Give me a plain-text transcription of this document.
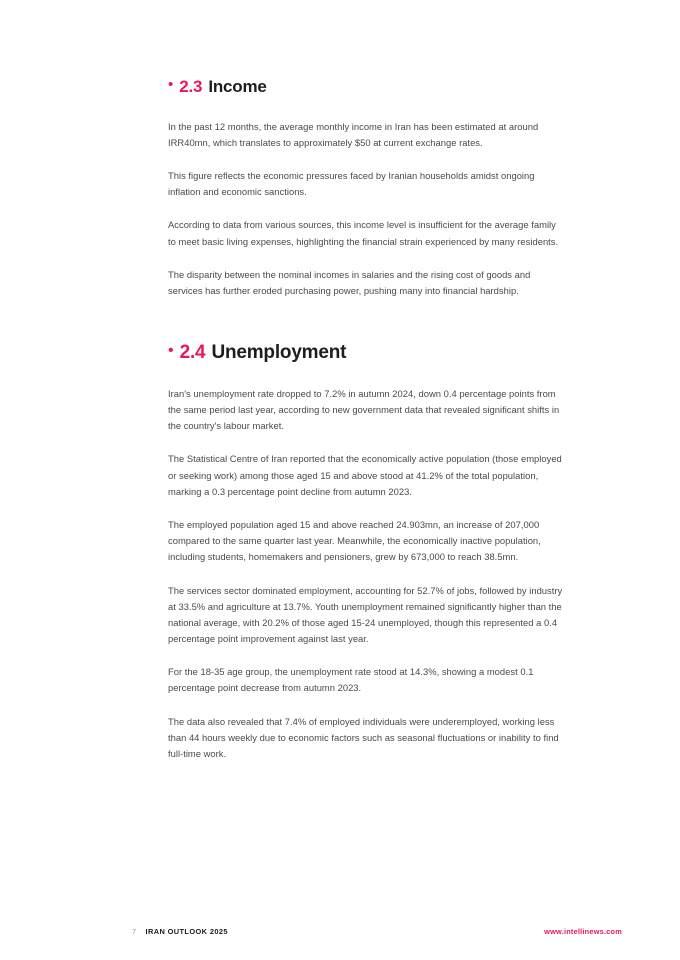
• 2.3 Income

In the past 12 months, the average monthly income in Iran has been estimated at around IRR40mn, which translates to approximately $50 at current exchange rates.

This figure reflects the economic pressures faced by Iranian households amidst ongoing inflation and economic sanctions.

According to data from various sources, this income level is insufficient for the average family to meet basic living expenses, highlighting the financial strain experienced by many residents.

The disparity between the nominal incomes in salaries and the rising cost of goods and services has further eroded purchasing power, pushing many into financial hardship.

• 2.4 Unemployment

Iran's unemployment rate dropped to 7.2% in autumn 2024, down 0.4 percentage points from the same period last year, according to new government data that revealed significant shifts in the country's labour market.

The Statistical Centre of Iran reported that the economically active population (those employed or seeking work) among those aged 15 and above stood at 41.2% of the total population, marking a 0.3 percentage point decline from autumn 2023.

The employed population aged 15 and above reached 24.903mn, an increase of 207,000 compared to the same quarter last year. Meanwhile, the economically inactive population, including students, homemakers and pensioners, grew by 673,000 to reach 38.5mn.

The services sector dominated employment, accounting for 52.7% of jobs, followed by industry at 33.5% and agriculture at 13.7%. Youth unemployment remained significantly higher than the national average, with 20.2% of those aged 15-24 unemployed, though this represented a 0.4 percentage point improvement against last year.

For the 18-35 age group, the unemployment rate stood at 14.3%, showing a modest 0.1 percentage point decrease from autumn 2023.

The data also revealed that 7.4% of employed individuals were underemployed, working less than 44 hours weekly due to economic factors such as seasonal fluctuations or inability to find full-time work.

7 IRAN OUTLOOK 2025	www.intellinews.com
